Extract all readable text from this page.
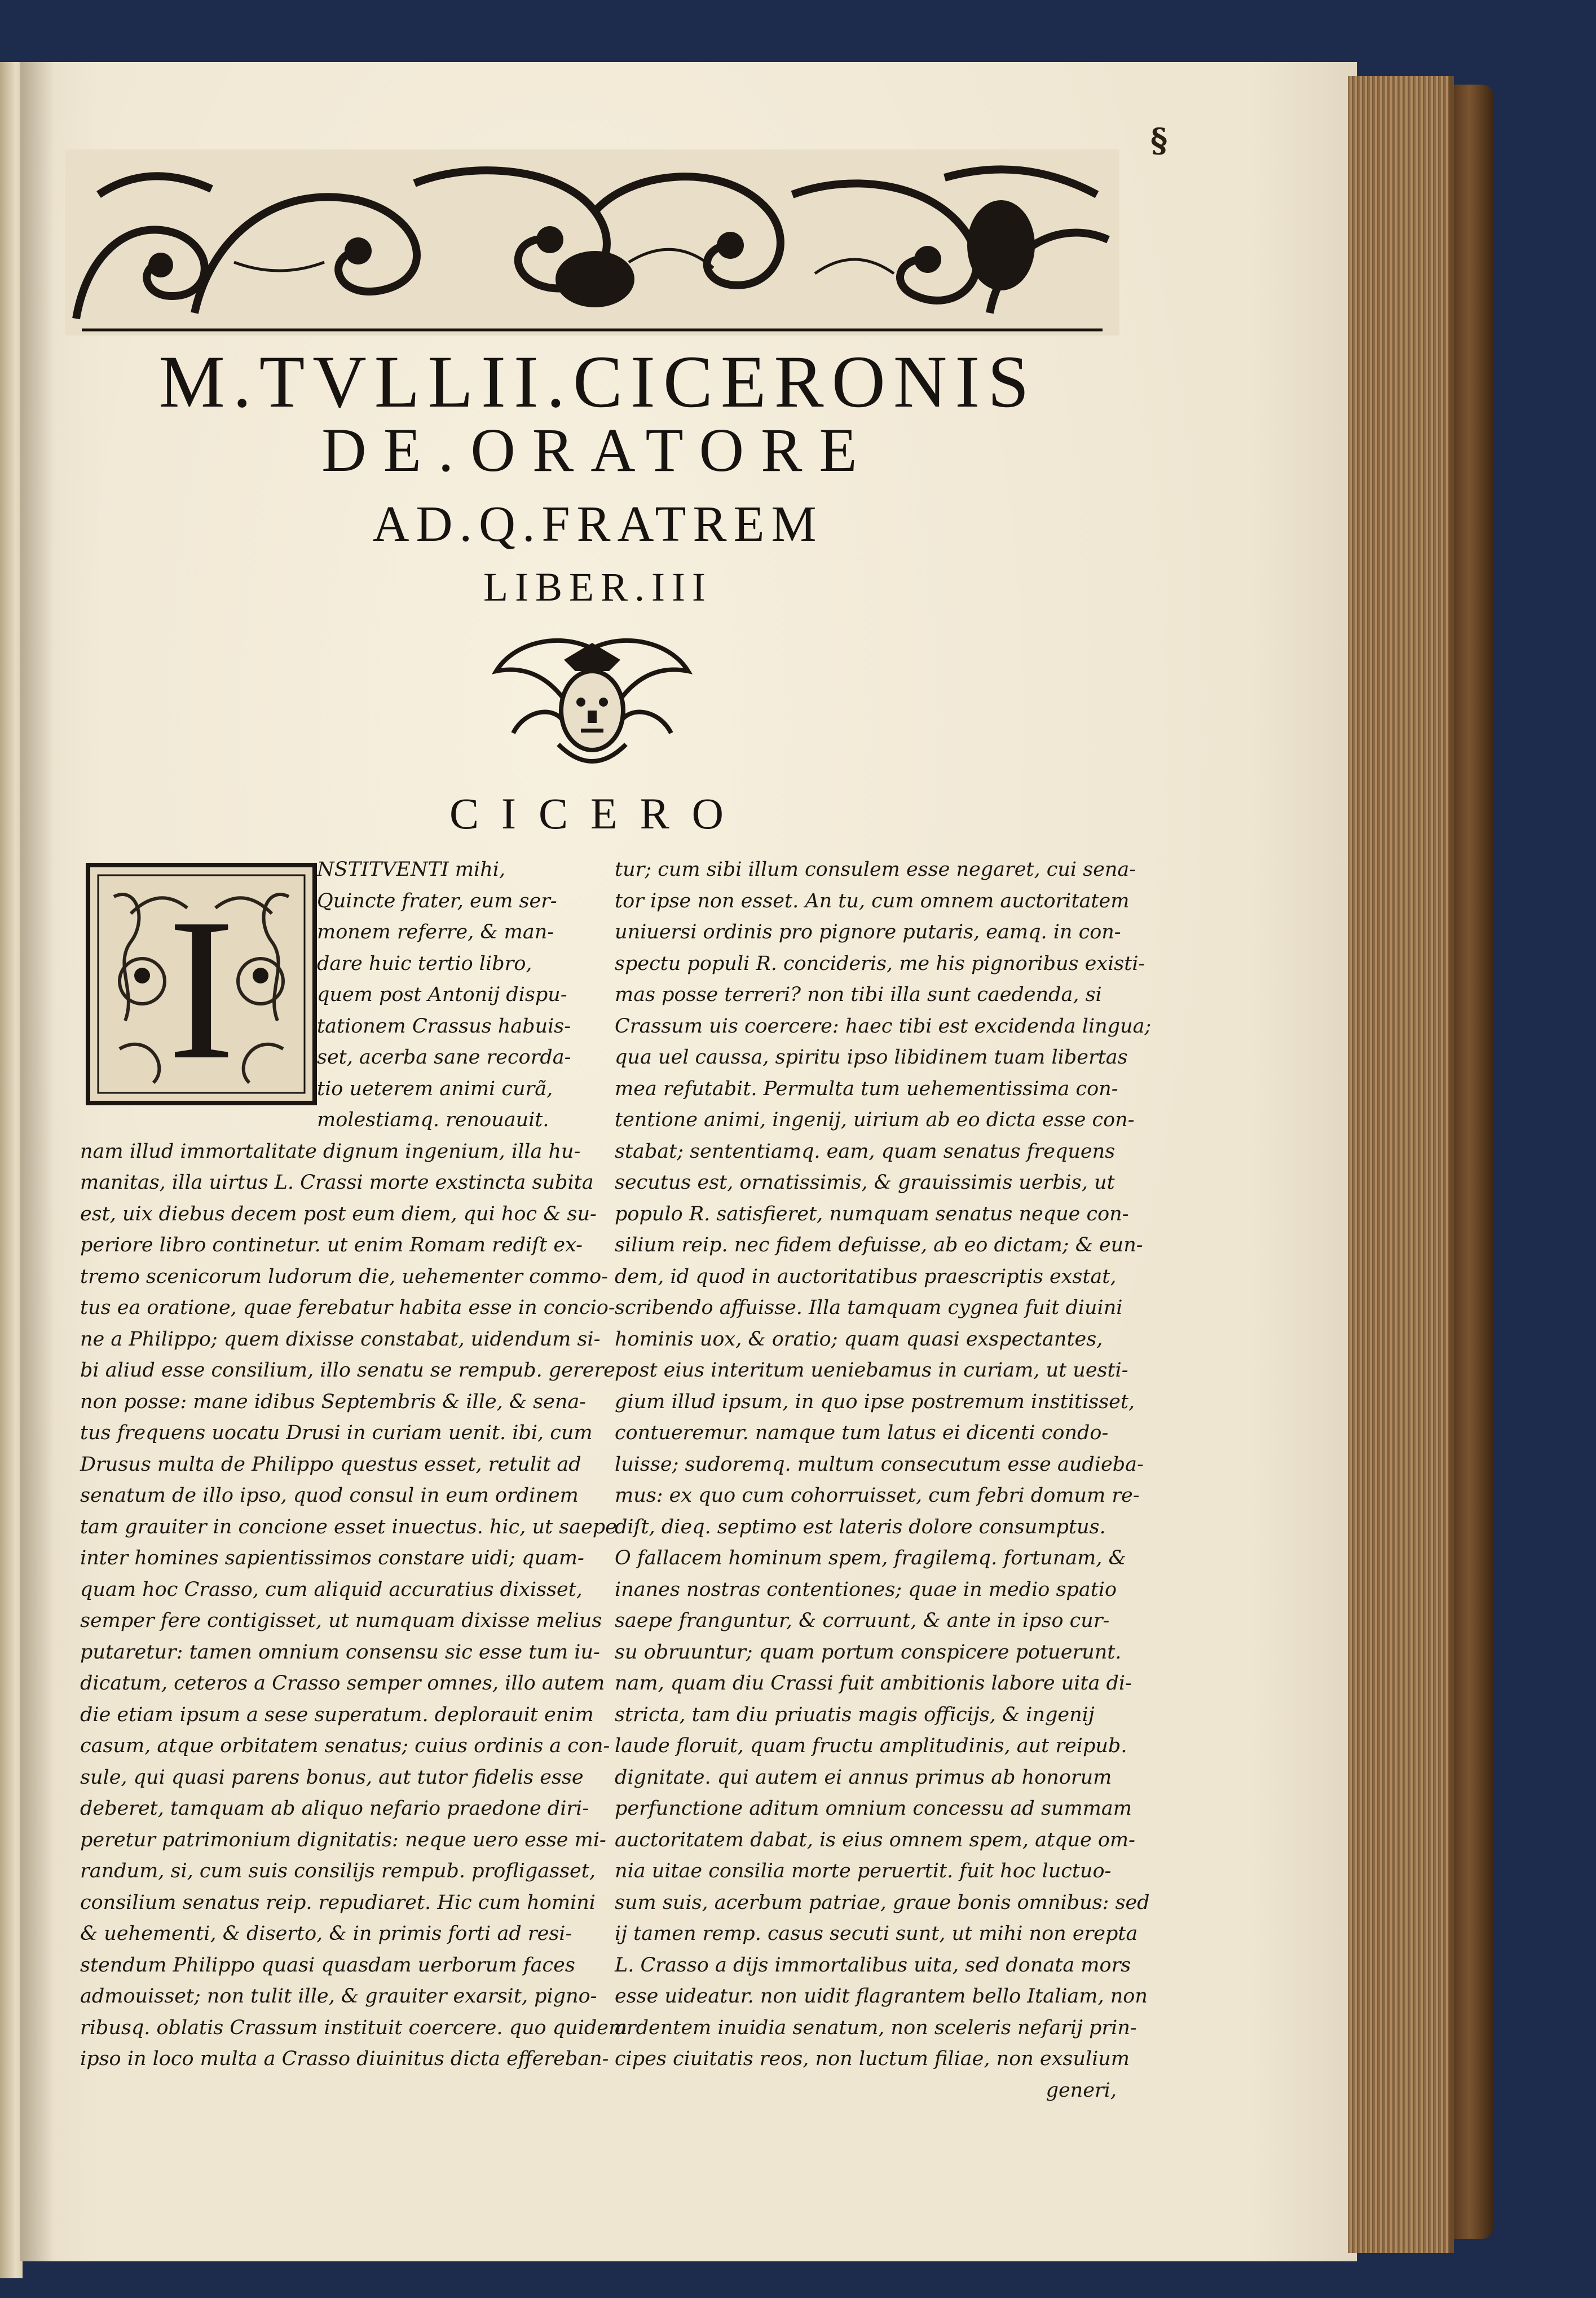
§
M.TVLLII.CICERONIS
DE.ORATORE
AD.Q.FRATREM
LIBER.III
CICERO
I
NSTITVENTI mihi,
Quincte frater, eum ser-
monem referre, & man-
dare huic tertio libro,
quem post Antonij dispu-
tationem Crassus habuis-
set, acerba sane recorda-
tio ueterem animi curã,
molestiamq. renouauit.
nam illud immortalitate dignum ingenium, illa hu-
manitas, illa uirtus L. Crassi morte exstincta subita
est, uix diebus decem post eum diem, qui hoc & su-
periore libro continetur. ut enim Romam rediſt ex-
tremo scenicorum ludorum die, uehementer commo-
tus ea oratione, quae ferebatur habita esse in concio-
ne a Philippo; quem dixisse constabat, uidendum si-
bi aliud esse consilium, illo senatu se rempub. gerere
non posse: mane idibus Septembris & ille, & sena-
tus frequens uocatu Drusi in curiam uenit. ibi, cum
Drusus multa de Philippo questus esset, retulit ad
senatum de illo ipso, quod consul in eum ordinem
tam grauiter in concione esset inuectus. hic, ut saepe
inter homines sapientissimos constare uidi; quam-
quam hoc Crasso, cum aliquid accuratius dixisset,
semper fere contigisset, ut numquam dixisse melius
putaretur: tamen omnium consensu sic esse tum iu-
dicatum, ceteros a Crasso semper omnes, illo autem
die etiam ipsum a sese superatum. deplorauit enim
casum, atque orbitatem senatus; cuius ordinis a con-
sule, qui quasi parens bonus, aut tutor fidelis esse
deberet, tamquam ab aliquo nefario praedone diri-
peretur patrimonium dignitatis: neque uero esse mi-
randum, si, cum suis consilijs rempub. profligasset,
consilium senatus reip. repudiaret. Hic cum homini
& uehementi, & diserto, & in primis forti ad resi-
stendum Philippo quasi quasdam uerborum faces
admouisset; non tulit ille, & grauiter exarsit, pigno-
ribusq. oblatis Crassum instituit coercere. quo quidem
ipso in loco multa a Crasso diuinitus dicta effereban-
tur; cum sibi illum consulem esse negaret, cui sena-
tor ipse non esset. An tu, cum omnem auctoritatem
uniuersi ordinis pro pignore putaris, eamq. in con-
spectu populi R. concideris, me his pignoribus existi-
mas posse terreri? non tibi illa sunt caedenda, si
Crassum uis coercere: haec tibi est excidenda lingua;
qua uel caussa, spiritu ipso libidinem tuam libertas
mea refutabit. Permulta tum uehementissima con-
tentione animi, ingenij, uirium ab eo dicta esse con-
stabat; sententiamq. eam, quam senatus frequens
secutus est, ornatissimis, & grauissimis uerbis, ut
populo R. satisfieret, numquam senatus neque con-
silium reip. nec fidem defuisse, ab eo dictam; & eun-
dem, id quod in auctoritatibus praescriptis exstat,
scribendo affuisse. Illa tamquam cygnea fuit diuini
hominis uox, & oratio; quam quasi exspectantes,
post eius interitum ueniebamus in curiam, ut uesti-
gium illud ipsum, in quo ipse postremum institisset,
contueremur. namque tum latus ei dicenti condo-
luisse; sudoremq. multum consecutum esse audieba-
mus: ex quo cum cohorruisset, cum febri domum re-
diſt, dieq. septimo est lateris dolore consumptus.
O fallacem hominum spem, fragilemq. fortunam, &
inanes nostras contentiones; quae in medio spatio
saepe franguntur, & corruunt, & ante in ipso cur-
su obruuntur; quam portum conspicere potuerunt.
nam, quam diu Crassi fuit ambitionis labore uita di-
stricta, tam diu priuatis magis officijs, & ingenij
laude floruit, quam fructu amplitudinis, aut reipub.
dignitate. qui autem ei annus primus ab honorum
perfunctione aditum omnium concessu ad summam
auctoritatem dabat, is eius omnem spem, atque om-
nia uitae consilia morte peruertit. fuit hoc luctuo-
sum suis, acerbum patriae, graue bonis omnibus: sed
ij tamen remp. casus secuti sunt, ut mihi non erepta
L. Crasso a dijs immortalibus uita, sed donata mors
esse uideatur. non uidit flagrantem bello Italiam, non
ardentem inuidia senatum, non sceleris nefarij prin-
cipes ciuitatis reos, non luctum filiae, non exsulium
generi,
